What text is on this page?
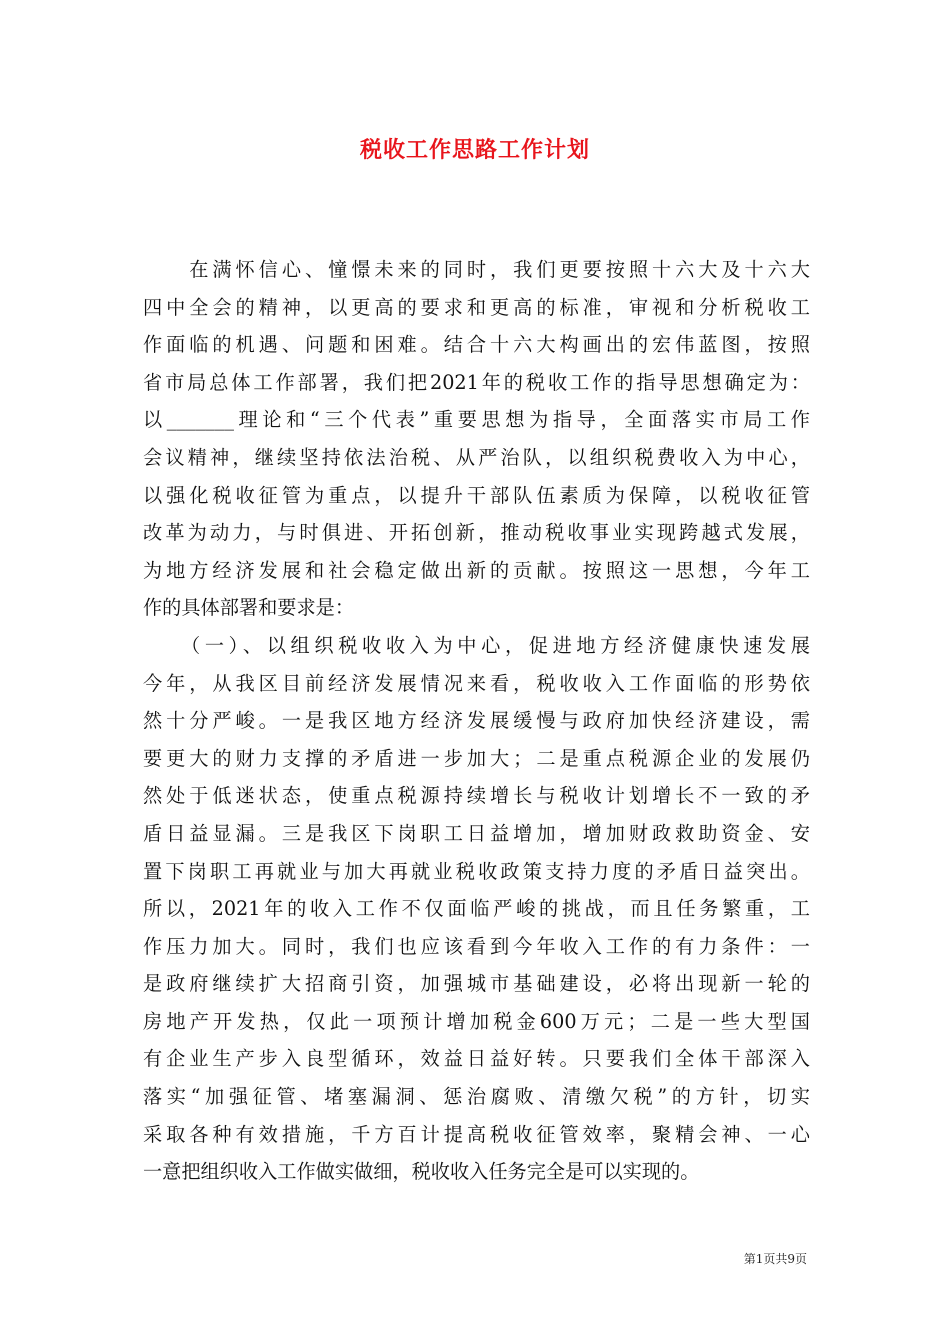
税收工作思路工作计划
　　在满怀信心、憧憬未来的同时，我们更要按照十六大及十六大
四中全会的精神，以更高的要求和更高的标准，审视和分析税收工
作面临的机遇、问题和困难。结合十六大构画出的宏伟蓝图，按照
省市局总体工作部署，我们把2021年的税收工作的指导思想确定为：
以_______理论和“三个代表”重要思想为指导，全面落实市局工作
会议精神，继续坚持依法治税、从严治队，以组织税费收入为中心，
以强化税收征管为重点，以提升干部队伍素质为保障，以税收征管
改革为动力，与时俱进、开拓创新，推动税收事业实现跨越式发展，
为地方经济发展和社会稳定做出新的贡献。按照这一思想，今年工
作的具体部署和要求是：
　　（一）、以组织税收收入为中心，促进地方经济健康快速发展
今年，从我区目前经济发展情况来看，税收收入工作面临的形势依
然十分严峻。一是我区地方经济发展缓慢与政府加快经济建设，需
要更大的财力支撑的矛盾进一步加大；二是重点税源企业的发展仍
然处于低迷状态，使重点税源持续增长与税收计划增长不一致的矛
盾日益显漏。三是我区下岗职工日益增加，增加财政救助资金、安
置下岗职工再就业与加大再就业税收政策支持力度的矛盾日益突出。
所以，2021年的收入工作不仅面临严峻的挑战，而且任务繁重，工
作压力加大。同时，我们也应该看到今年收入工作的有力条件：一
是政府继续扩大招商引资，加强城市基础建设，必将出现新一轮的
房地产开发热，仅此一项预计增加税金600万元；二是一些大型国
有企业生产步入良型循环，效益日益好转。只要我们全体干部深入
落实“加强征管、堵塞漏洞、惩治腐败、清缴欠税”的方针，切实
采取各种有效措施，千方百计提高税收征管效率，聚精会神、一心
一意把组织收入工作做实做细，税收收入任务完全是可以实现的。
第1页共9页
